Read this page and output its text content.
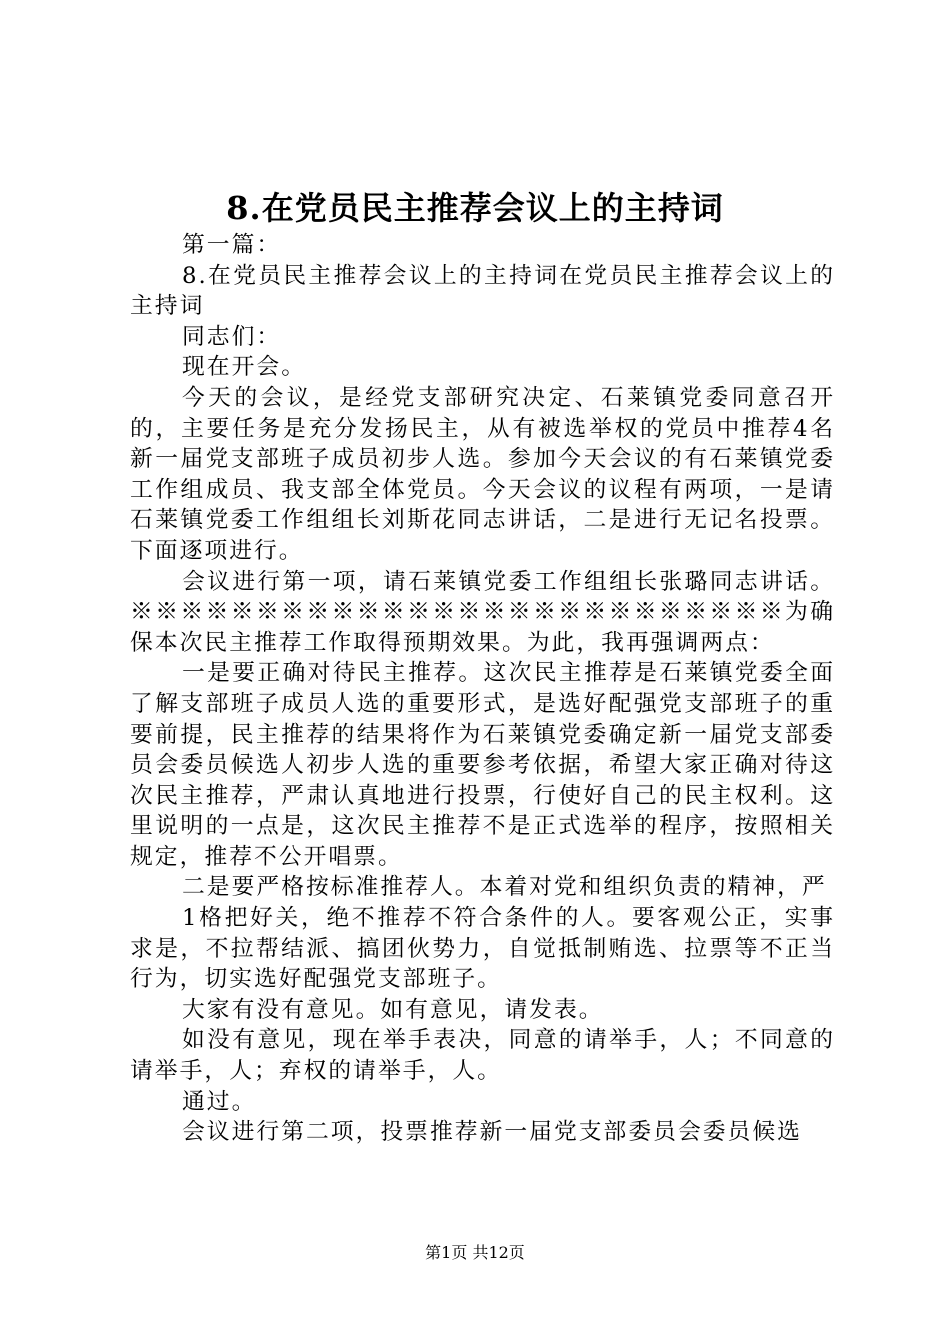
8.在党员民主推荐会议上的主持词

第一篇：

8.在党员民主推荐会议上的主持词在党员民主推荐会议上的主持词

同志们：

现在开会。

今天的会议，是经党支部研究决定、石莱镇党委同意召开的，主要任务是充分发扬民主，从有被选举权的党员中推荐4名新一届党支部班子成员初步人选。参加今天会议的有石莱镇党委工作组成员、我支部全体党员。今天会议的议程有两项，一是请石莱镇党委工作组组长刘斯花同志讲话，二是进行无记名投票。下面逐项进行。

会议进行第一项，请石莱镇党委工作组组长张璐同志讲话。※※※※※※※※※※※※※※※※※※※※※※※※※※为确保本次民主推荐工作取得预期效果。为此，我再强调两点：

一是要正确对待民主推荐。这次民主推荐是石莱镇党委全面了解支部班子成员人选的重要形式，是选好配强党支部班子的重要前提，民主推荐的结果将作为石莱镇党委确定新一届党支部委员会委员候选人初步人选的重要参考依据，希望大家正确对待这次民主推荐，严肃认真地进行投票，行使好自己的民主权利。这里说明的一点是，这次民主推荐不是正式选举的程序，按照相关规定，推荐不公开唱票。

二是要严格按标准推荐人。本着对党和组织负责的精神，严

1格把好关，绝不推荐不符合条件的人。要客观公正，实事求是，不拉帮结派、搞团伙势力，自觉抵制贿选、拉票等不正当行为，切实选好配强党支部班子。

大家有没有意见。如有意见，请发表。

如没有意见，现在举手表决，同意的请举手，人；不同意的请举手，人；弃权的请举手，人。

通过。

会议进行第二项，投票推荐新一届党支部委员会委员候选

第1页 共12页
